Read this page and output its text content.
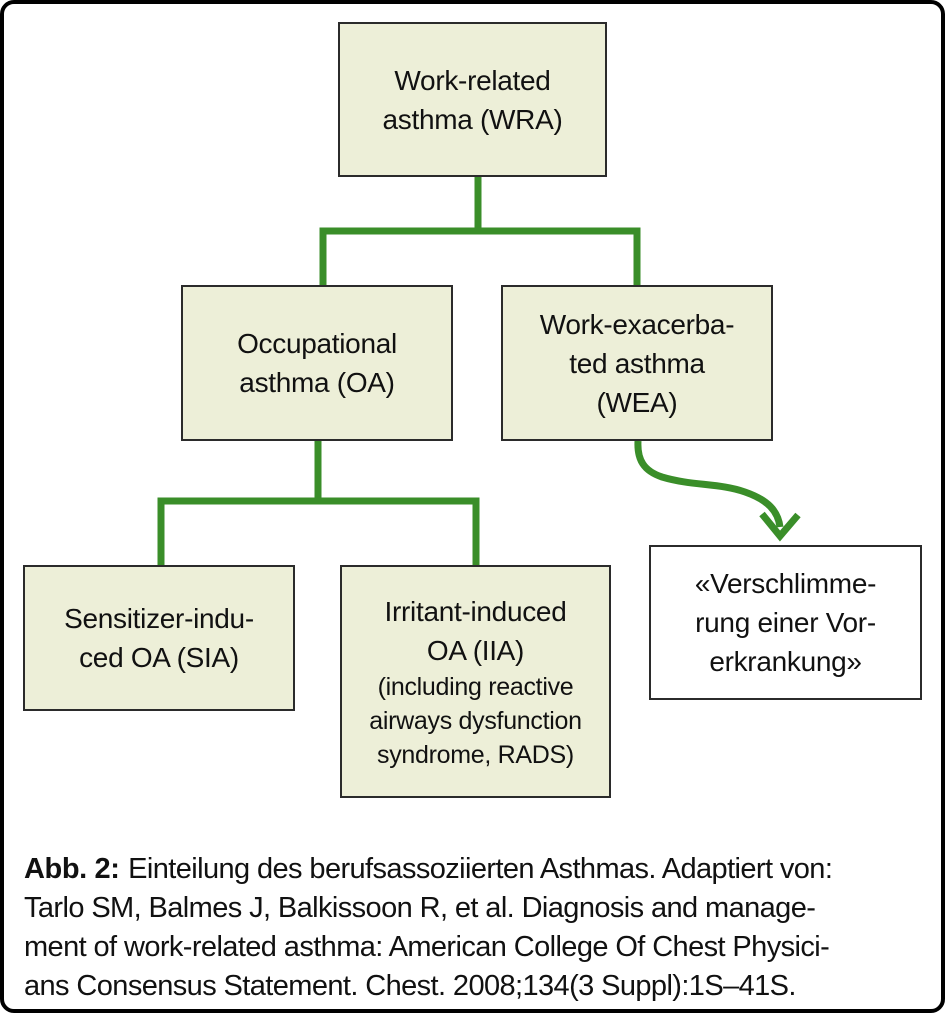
Work-related
asthma (WRA)
Occupational
asthma (OA)
Work-exacerba-
ted asthma
(WEA)
Sensitizer-indu-
ced OA (SIA)
Irritant-induced
OA (IIA)
(including reactive
airways dysfunction
syndrome, RADS)
«Verschlimme-
rung einer Vor-
erkrankung»
Abb. 2: Einteilung des berufsassoziierten Asthmas. Adaptiert von:
Tarlo SM, Balmes J, Balkissoon R, et al. Diagnosis and manage-
ment of work-related asthma: American College Of Chest Physici-
ans Consensus Statement. Chest. 2008;134(3 Suppl):1S–41S.
